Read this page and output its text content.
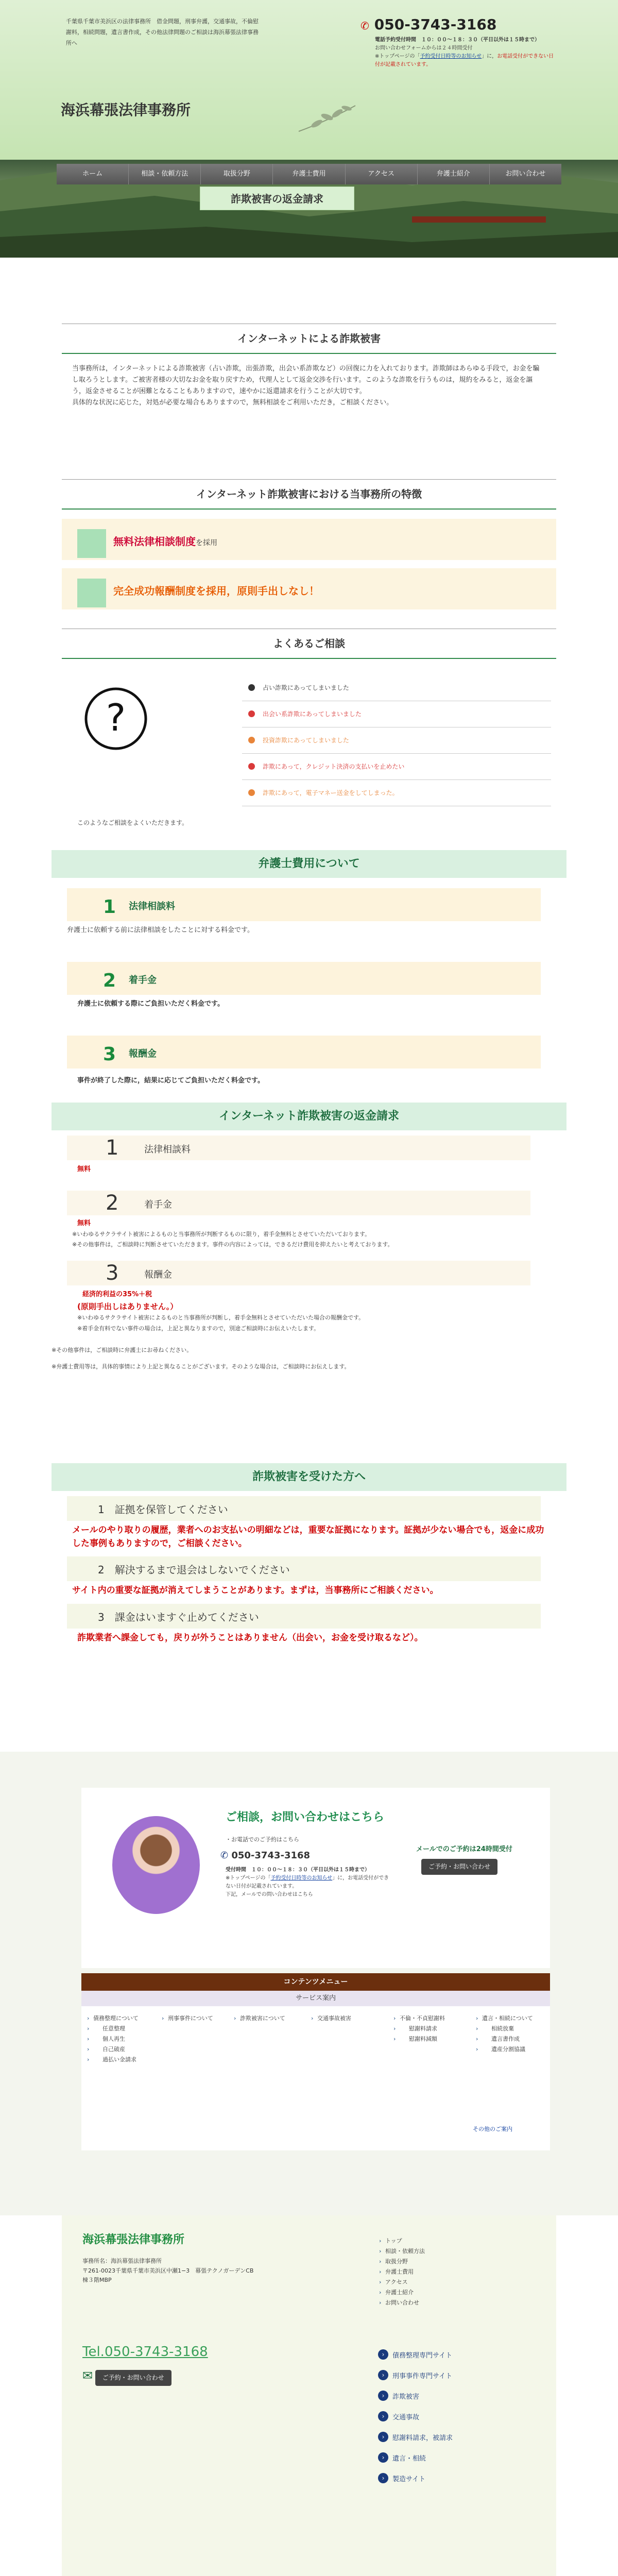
千葉県千葉市美浜区の法律事務所　借金問題，刑事弁護，交通事故，不倫慰謝料，相続問題，遺言書作成，その他法律問題のご相談は海浜幕張法律事務所へ
✆ 050-3743-3168
電話予約受付時間　１０：００～１８：３０（平日以外は１５時まで）
お問い合わせフォームからは２４時間受付
※トップページの「予約受付日時等のお知らせ」に，お電話受付ができない日付が記載されています。
海浜幕張法律事務所
ホーム	相談・依頼方法	取扱分野	弁護士費用	アクセス	弁護士紹介	お問い合わせ
詐欺被害の返金請求
インターネットによる詐欺被害

当事務所は，インターネットによる詐欺被害（占い詐欺，出張詐欺，出会い系詐欺など）の回復に力を入れております。詐欺師はあらゆる手段で，お金を騙し取ろうとします。ご被害者様の大切なお金を取り戻すため，代理人として返金交渉を行います。このような詐欺を行うものは，規約をみると，返金を謳う，返金させることが困難となることもありますので，速やかに返還請求を行うことが大切です。

具体的な状況に応じた，対処が必要な場合もありますので，無料相談をご利用いただき，ご相談ください。

インターネット詐欺被害における当事務所の特徴
無料法律相談制度を採用
完全成功報酬制度を採用，原則手出しなし！
よくあるご相談
?
占い詐欺にあってしまいました
出会い系詐欺にあってしまいました
投資詐欺にあってしまいました
詐欺にあって，クレジット決済の支払いを止めたい
詐欺にあって，電子マネー送金をしてしまった。
このようなご相談をよくいただきます。
弁護士費用について
1 法律相談料
弁護士に依頼する前に法律相談をしたことに対する料金です。
2 着手金
弁護士に依頼する際にご負担いただく料金です。
3 報酬金
事件が終了した際に，結果に応じてご負担いただく料金です。
インターネット詐欺被害の返金請求
1	法律相談料
無料
2	着手金
無料
※いわゆるサクラサイト被害によるものと当事務所が判断するものに限り，着手金無料とさせていただいております。
※その他事件は，ご相談時に判断させていただきます。事件の内容によっては，できるだけ費用を抑えたいと考えております。
3	報酬金
経済的利益の35%＋税
(原則手出しはありません。）
※いわゆるサクラサイト被害によるものと当事務所が判断し，着手金無料とさせていただいた場合の報酬金です。
※着手金有料でない事件の場合は，上記と異なりますので，別途ご相談時にお伝えいたします。
※その他事件は，ご相談時に弁護士にお尋ねください。
※弁護士費用等は，具体的事情により上記と異なることがございます。そのような場合は，ご相談時にお伝えします。
詐欺被害を受けた方へ
1　証拠を保管してください
メールのやり取りの履歴，業者へのお支払いの明細などは，重要な証拠になります。証拠が少ない場合でも，返金に成功した事例もありますので，ご相談ください。
2　解決するまで退会はしないでください
サイト内の重要な証拠が消えてしまうことがあります。まずは，当事務所にご相談ください。
3　課金はいますぐ止めてください
詐欺業者へ課金しても，戻りが外うことはありません（出会い，お金を受け取るなど）。
ご相談，お問い合わせはこちら
・お電話でのご予約はこちら
✆ 050-3743-3168
受付時間　１０：００～１８：３０（平日以外は１５時まで）
※トップページの「予約受付日時等のお知らせ」に，お電話受付ができない日付が記載されています。
下記，メールでの問い合わせはこちら
メールでのご予約は24時間受付
ご予約・お問い合わせ
コンテンツメニュー
サービス案内
› 債務整理について
› 任意整理
› 個人再生
› 自己破産
› 過払い金請求
› 刑事事件について	› 詐欺被害について	› 交通事故被害	› 不倫・不貞慰謝料
› 慰謝料請求
› 慰謝料減額
› 遺言・相続について
› 相続放棄
› 遺言書作成
› 遺産分割協議
その他のご案内
海浜幕張法律事務所
事務所名：海浜幕張法律事務所
〒261-0023千葉県千葉市美浜区中瀬1−3　幕張テクノガーデンCB
棟３階MBP
Tel.050-3743-3168
✉ ご予約・お問い合わせ
› トップ
› 相談・依頼方法
› 取扱分野
› 弁護士費用
› アクセス
› 弁護士紹介
› お問い合わせ
› 債務整理専門サイト
› 刑事事件専門サイト
› 詐欺被害
› 交通事故
› 慰謝料請求，被請求
› 遺言・相続
› 製造サイト
